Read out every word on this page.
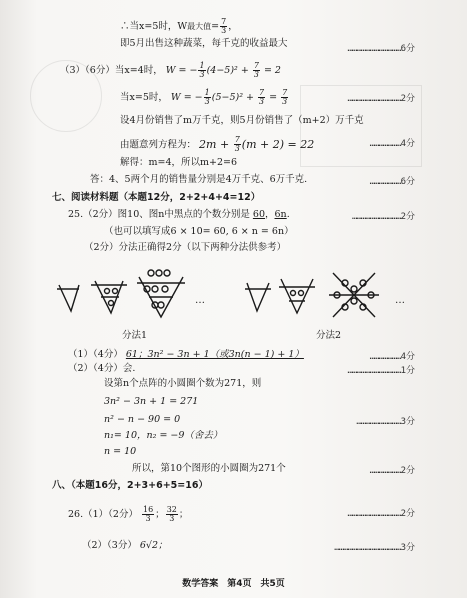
∴当x=5时，W最大值= $\frac{7}{3}$ ，
即5月出售这种蔬菜，每千克的收益最大	………………………………6分
（3）（6分）当x=4时， W = − $\frac{1}{3} (4-5)^2 + \frac{7}{3} = 2$
当x=5时， W = − $\frac{1}{3} (5-5)^2 + \frac{7}{3} = \frac{7}{3}$	………………………………2分
设4月份销售了m万千克，则5月份销售了（m+2）万千克
由题意列方程为： $2m + \frac{7}{3} (m + 2) = 22$	…………………4分
解得：m=4，所以m+2=6
答：4、5两个月的销售量分别是4万千克、6万千克.	…………………6分
七、阅读材料题（本题12分，2+2+4+4=12）
25.（2分）图10、图n中黑点的个数分别是 60，6n.	……………………………2分
（也可以填写成6 × 10= 60, 6 × n = 6n）
（2分）分法正确得2分（以下两种分法供参考）
…	…
分法1	分法2
（1）（4分） 61；3n² − 3n + 1（或3n(n − 1) + 1）	…………………4分
（2）（4分）会.	………………………………1分
设第n个点阵的小圆圈个数为271，则
3n² − 3n + 1 = 271
n² − n − 90 = 0	…………………………3分
n₁= 10，n₂ = −9（舍去）
n = 10
所以，第10个图形的小圆圈为271个	…………………2分
八、（本题16分，2+3+6+5=16）
26.（1）（2分） $\frac{16}{3}$ ； $\frac{32}{3}$ ；	………………………………2分
（2）（3分） 6√2；	………………………………………3分
数学答案　第4页　共5页
